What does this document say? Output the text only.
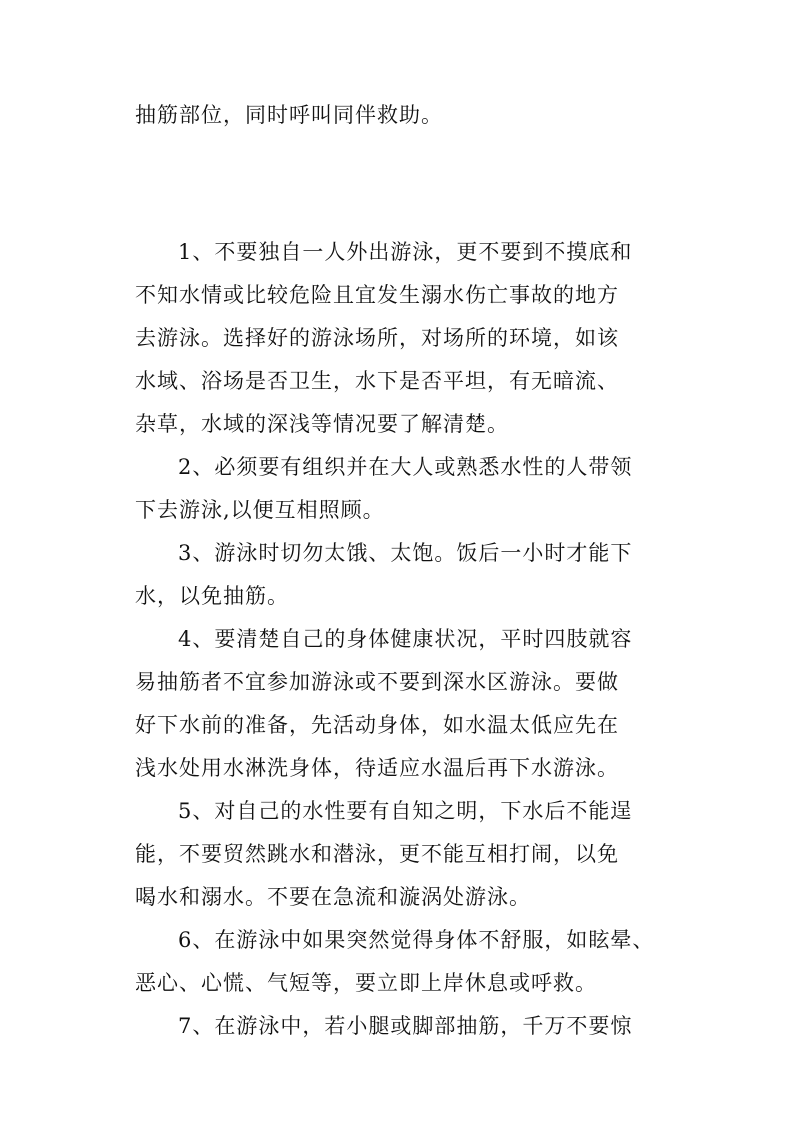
抽筋部位，同时呼叫同伴救助。
1、不要独自一人外出游泳，更不要到不摸底和
不知水情或比较危险且宜发生溺水伤亡事故的地方
去游泳。选择好的游泳场所，对场所的环境，如该
水域、浴场是否卫生，水下是否平坦，有无暗流、
杂草，水域的深浅等情况要了解清楚。
2、必须要有组织并在大人或熟悉水性的人带领
下去游泳,以便互相照顾。
3、游泳时切勿太饿、太饱。饭后一小时才能下
水，以免抽筋。
4、要清楚自己的身体健康状况，平时四肢就容
易抽筋者不宜参加游泳或不要到深水区游泳。要做
好下水前的准备，先活动身体，如水温太低应先在
浅水处用水淋洗身体，待适应水温后再下水游泳。
5、对自己的水性要有自知之明，下水后不能逞
能，不要贸然跳水和潜泳，更不能互相打闹，以免
喝水和溺水。不要在急流和漩涡处游泳。
6、在游泳中如果突然觉得身体不舒服，如眩晕、
恶心、心慌、气短等，要立即上岸休息或呼救。
7、在游泳中，若小腿或脚部抽筋，千万不要惊
